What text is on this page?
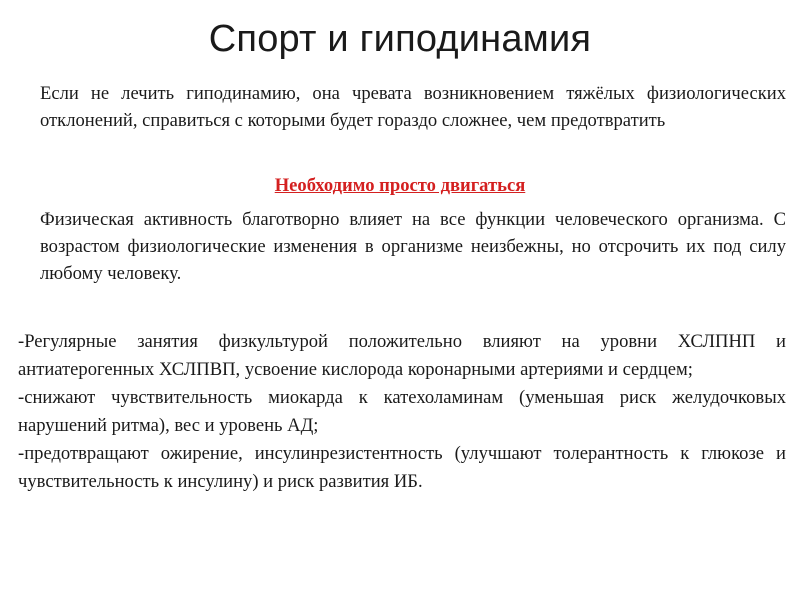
Спорт и гиподинамия

Если не лечить гиподинамию, она чревата возникновением тяжёлых физиологических отклонений, справиться с которыми будет гораздо сложнее, чем предотвратить

Необходимо просто двигаться

Физическая активность благотворно влияет на все функции человеческого организма. С возрастом физиологические изменения в организме неизбежны, но отсрочить их под силу любому человеку.

-Регулярные занятия физкультурой положительно влияют на уровни ХСЛПНП и антиатерогенных ХСЛПВП, усвоение кислорода коронарными артериями и сердцем;

-снижают чувствительность миокарда к катехоламинам (уменьшая риск желудочковых нарушений ритма), вес и уровень АД;

-предотвращают ожирение, инсулинрезистентность (улучшают толерантность к глюкозе и чувствительность к инсулину) и риск развития ИБ.
